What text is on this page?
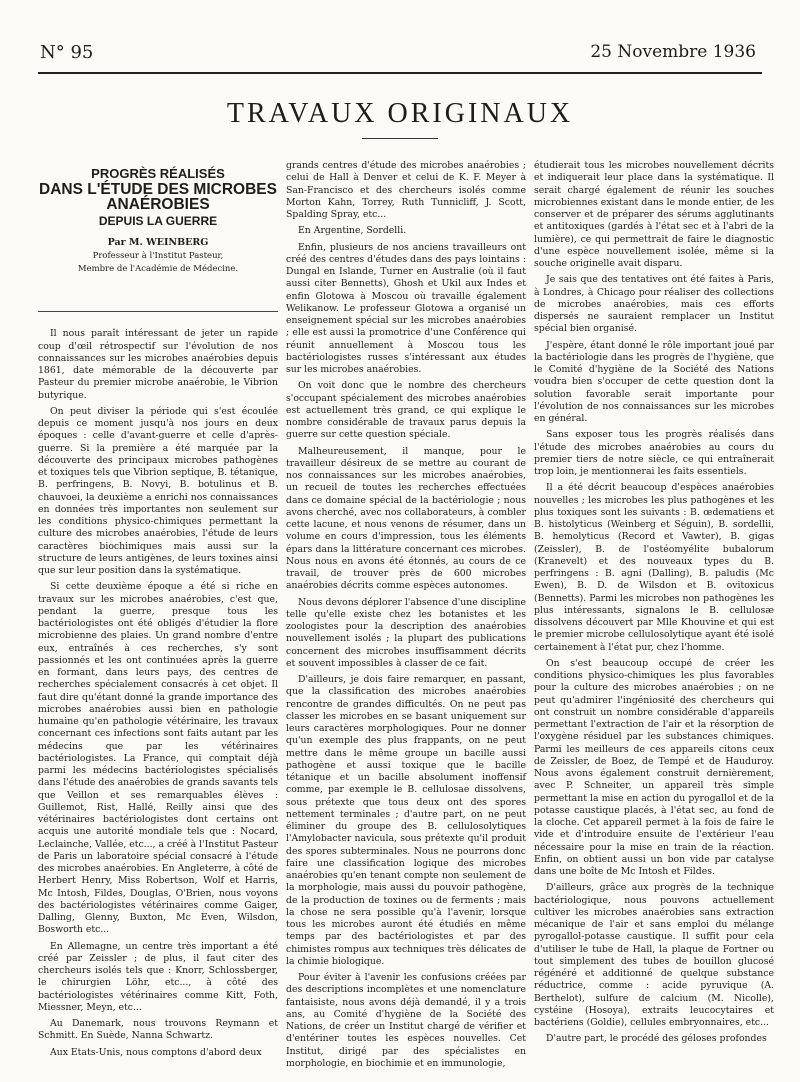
N° 95	25 Novembre 1936
TRAVAUX ORIGINAUX
PROGRÈS RÉALISÉS
DANS L'ÉTUDE DES MICROBES
ANAÉROBIES
DEPUIS LA GUERRE
Par M. WEINBERG
Professeur à l'Institut Pasteur,
Membre de l'Académie de Médecine.

Il nous paraît intéressant de jeter un rapide coup d'œil rétrospectif sur l'évolution de nos connaissances sur les microbes anaérobies depuis 1861, date mémorable de la découverte par Pasteur du premier microbe anaérobie, le Vibrion butyrique.

On peut diviser la période qui s'est écoulée depuis ce moment jusqu'à nos jours en deux époques : celle d'avant-guerre et celle d'après-guerre. Si la première a été marquée par la découverte des principaux microbes pathogènes et toxiques tels que Vibrion septique, B. tétanique, B. perfringens, B. Novyi, B. botulinus et B. chauvoei, la deuxième a enrichi nos connaissances en données très importantes non seulement sur les conditions physico-chimiques permettant la culture des microbes anaérobies, l'étude de leurs caractères biochimiques mais aussi sur la structure de leurs antigènes, de leurs toxines ainsi que sur leur position dans la systématique.

Si cette deuxième époque a été si riche en travaux sur les microbes anaérobies, c'est que, pendant la guerre, presque tous les bactériologistes ont été obligés d'étudier la flore microbienne des plaies. Un grand nombre d'entre eux, entraînés à ces recherches, s'y sont passionnés et les ont continuées après la guerre en formant, dans leurs pays, des centres de recherches spécialement consacrés à cet objet. Il faut dire qu'étant donné la grande importance des microbes anaérobies aussi bien en pathologie humaine qu'en pathologie vétérinaire, les travaux concernant ces infections sont faits autant par les médecins que par les vétérinaires bactériologistes. La France, qui comptait déjà parmi les médecins bactériologistes spécialisés dans l'étude des anaérobies de grands savants tels que Veillon et ses remarquables élèves : Guillemot, Rist, Hallé, Reilly ainsi que des vétérinaires bactériologistes dont certains ont acquis une autorité mondiale tels que : Nocard, Leclainche, Vallée, etc..., a créé à l'Institut Pasteur de Paris un laboratoire spécial consacré à l'étude des microbes anaérobies. En Angleterre, à côté de Herbert Henry, Miss Robertson, Wolf et Harris, Mc Intosh, Fildes, Douglas, O'Brien, nous voyons des bactériologistes vétérinaires comme Gaiger, Dalling, Glenny, Buxton, Mc Even, Wilsdon, Bosworth etc...

En Allemagne, un centre très important a été créé par Zeissler ; de plus, il faut citer des chercheurs isolés tels que : Knorr, Schlossberger, le chirurgien Löhr, etc..., à côté des bactériologistes vétérinaires comme Kitt, Foth, Miessner, Meyn, etc...

Au Danemark, nous trouvons Reymann et Schmitt. En Suède, Nanna Schwartz.

Aux Etats-Unis, nous comptons d'abord deux

grands centres d'étude des microbes anaérobies ; celui de Hall à Denver et celui de K. F. Meyer à San-Francisco et des chercheurs isolés comme Morton Kahn, Torrey, Ruth Tunnicliff, J. Scott, Spalding Spray, etc...

En Argentine, Sordelli.

Enfin, plusieurs de nos anciens travailleurs ont créé des centres d'études dans des pays lointains : Dungal en Islande, Turner en Australie (où il faut aussi citer Bennetts), Ghosh et Ukil aux Indes et enfin Glotowa à Moscou où travaille également Welikanow. Le professeur Glotowa a organisé un enseignement spécial sur les microbes anaérobies ; elle est aussi la promotrice d'une Conférence qui réunit annuellement à Moscou tous les bactériologistes russes s'intéressant aux études sur les microbes anaérobies.

On voit donc que le nombre des chercheurs s'occupant spécialement des microbes anaérobies est actuellement très grand, ce qui explique le nombre considérable de travaux parus depuis la guerre sur cette question spéciale.

Malheureusement, il manque, pour le travailleur désireux de se mettre au courant de nos connaissances sur les microbes anaérobies, un recueil de toutes les recherches effectuées dans ce domaine spécial de la bactériologie ; nous avons cherché, avec nos collaborateurs, à combler cette lacune, et nous venons de résumer, dans un volume en cours d'impression, tous les éléments épars dans la littérature concernant ces microbes. Nous nous en avons été étonnés, au cours de ce travail, de trouver près de 600 microbes anaérobies décrits comme espèces autonomes.

Nous devons déplorer l'absence d'une discipline telle qu'elle existe chez les botanistes et les zoologistes pour la description des anaérobies nouvellement isolés ; la plupart des publications concernent des microbes insuffisamment décrits et souvent impossibles à classer de ce fait.

D'ailleurs, je dois faire remarquer, en passant, que la classification des microbes anaérobies rencontre de grandes difficultés. On ne peut pas classer les microbes en se basant uniquement sur leurs caractères morphologiques. Pour ne donner qu'un exemple des plus frappants, on ne peut mettre dans le même groupe un bacille aussi pathogène et aussi toxique que le bacille tétanique et un bacille absolument inoffensif comme, par exemple le B. cellulosae dissolvens, sous prétexte que tous deux ont des spores nettement terminales ; d'autre part, on ne peut éliminer du groupe des B. cellulosolytiques l'Amylobacter navicula, sous prétexte qu'il produit des spores subterminales. Nous ne pourrons donc faire une classification logique des microbes anaérobies qu'en tenant compte non seulement de la morphologie, mais aussi du pouvoir pathogène, de la production de toxines ou de ferments ; mais la chose ne sera possible qu'à l'avenir, lorsque tous les microbes auront été étudiés en même temps par des bactériologistes et par des chimistes rompus aux techniques très délicates de la chimie biologique.

Pour éviter à l'avenir les confusions créées par des descriptions incomplètes et une nomenclature fantaisiste, nous avons déjà demandé, il y a trois ans, au Comité d'hygiène de la Société des Nations, de créer un Institut chargé de vérifier et d'entériner toutes les espèces nouvelles. Cet Institut, dirigé par des spécialistes en morphologie, en biochimie et en immunologie,

étudierait tous les microbes nouvellement décrits et indiquerait leur place dans la systématique. Il serait chargé également de réunir les souches microbiennes existant dans le monde entier, de les conserver et de préparer des sérums agglutinants et antitoxiques (gardés à l'état sec et à l'abri de la lumière), ce qui permettrait de faire le diagnostic d'une espèce nouvellement isolée, même si la souche originelle avait disparu.

Je sais que des tentatives ont été faites à Paris, à Londres, à Chicago pour réaliser des collections de microbes anaérobies, mais ces efforts dispersés ne sauraient remplacer un Institut spécial bien organisé.

J'espère, étant donné le rôle important joué par la bactériologie dans les progrès de l'hygiène, que le Comité d'hygiène de la Société des Nations voudra bien s'occuper de cette question dont la solution favorable serait importante pour l'évolution de nos connaissances sur les microbes en général.

Sans exposer tous les progrès réalisés dans l'étude des microbes anaérobies au cours du premier tiers de notre siècle, ce qui entraînerait trop loin, je mentionnerai les faits essentiels.

Il a été décrit beaucoup d'espèces anaérobies nouvelles ; les microbes les plus pathogènes et les plus toxiques sont les suivants : B. œdematiens et B. histolyticus (Weinberg et Séguin), B. sordellii, B. hemolyticus (Record et Vawter), B. gigas (Zeissler), B. de l'ostéomyélite bubalorum (Kranevelt) et des nouveaux types du B. perfringens : B. agni (Dalling), B. paludis (Mc Ewen), B. D. de Wilsdon et B. ovitoxicus (Bennetts). Parmi les microbes non pathogènes les plus intéressants, signalons le B. cellulosæ dissolvens découvert par Mlle Khouvine et qui est le premier microbe cellulosolytique ayant été isolé certainement à l'état pur, chez l'homme.

On s'est beaucoup occupé de créer les conditions physico-chimiques les plus favorables pour la culture des microbes anaérobies ; on ne peut qu'admirer l'ingéniosité des chercheurs qui ont construit un nombre considérable d'appareils permettant l'extraction de l'air et la résorption de l'oxygène résiduel par les substances chimiques. Parmi les meilleurs de ces appareils citons ceux de Zeissler, de Boez, de Tempé et de Hauduroy. Nous avons également construit dernièrement, avec P. Schneiter, un appareil très simple permettant la mise en action du pyrogallol et de la potasse caustique placés, à l'état sec, au fond de la cloche. Cet appareil permet à la fois de faire le vide et d'introduire ensuite de l'extérieur l'eau nécessaire pour la mise en train de la réaction. Enfin, on obtient aussi un bon vide par catalyse dans une boîte de Mc Intosh et Fildes.

D'ailleurs, grâce aux progrès de la technique bactériologique, nous pouvons actuellement cultiver les microbes anaérobies sans extraction mécanique de l'air et sans emploi du mélange pyrogallol-potasse caustique. Il suffit pour cela d'utiliser le tube de Hall, la plaque de Fortner ou tout simplement des tubes de bouillon glucosé régénéré et additionné de quelque substance réductrice, comme : acide pyruvique (A. Berthelot), sulfure de calcium (M. Nicolle), cystéine (Hosoya), extraits leucocytaires et bactériens (Goldie), cellules embryonnaires, etc...

D'autre part, le procédé des géloses profondes
